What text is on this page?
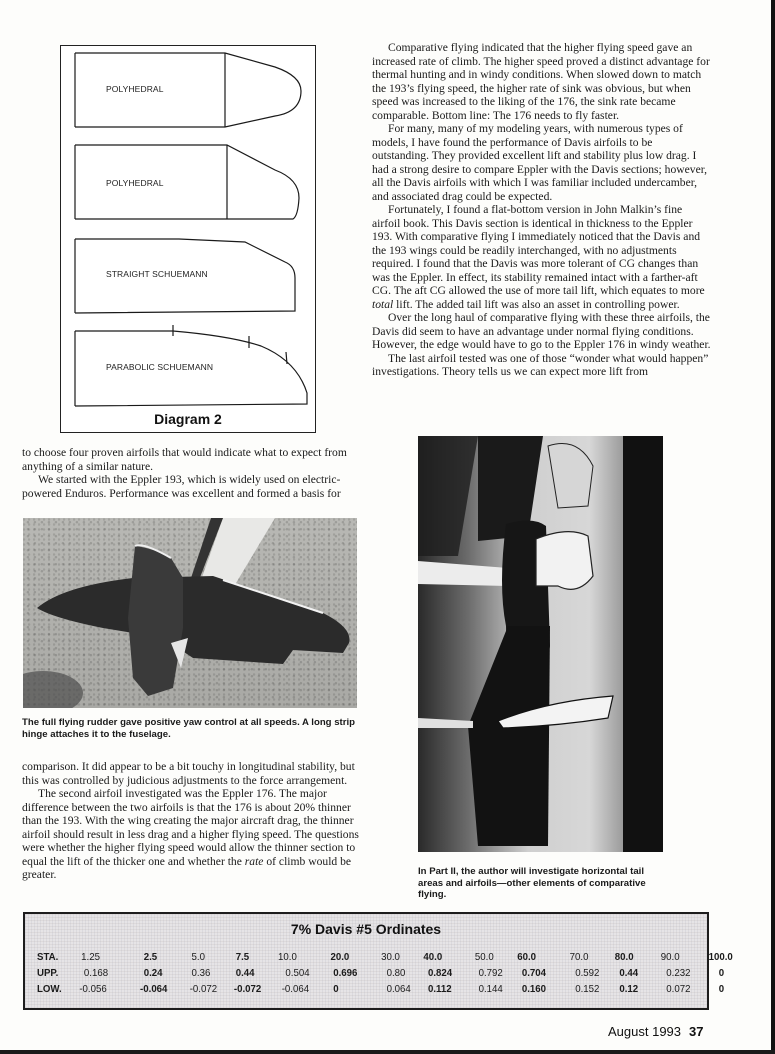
POLYHEDRAL
POLYHEDRAL
STRAIGHT SCHUEMANN
PARABOLIC SCHUEMANN
Diagram 2

Comparative flying indicated that the higher flying speed gave an increased rate of climb. The higher speed proved a distinct advantage for thermal hunting and in windy conditions. When slowed down to match the 193’s flying speed, the higher rate of sink was obvious, but when speed was increased to the liking of the 176, the sink rate became comparable. Bottom line: The 176 needs to fly faster.

For many, many of my modeling years, with numerous types of models, I have found the performance of Davis airfoils to be outstanding. They provided excellent lift and stability plus low drag. I had a strong desire to compare Eppler with the Davis sections; however, all the Davis airfoils with which I was familiar included undercamber, and associated drag could be expected.

Fortunately, I found a flat-bottom version in John Malkin’s fine airfoil book. This Davis section is identical in thickness to the Eppler 193. With comparative flying I immediately noticed that the Davis and the 193 wings could be readily interchanged, with no adjustments required. I found that the Davis was more tolerant of CG changes than was the Eppler. In effect, its stability remained intact with a farther-aft CG. The aft CG allowed the use of more tail lift, which equates to more total lift. The added tail lift was also an asset in controlling power.

Over the long haul of comparative flying with these three airfoils, the Davis did seem to have an advantage under normal flying conditions. However, the edge would have to go to the Eppler 176 in windy weather.

The last airfoil tested was one of those “wonder what would happen” investigations. Theory tells us we can expect more lift from

to choose four proven airfoils that would indicate what to expect from anything of a similar nature.

We started with the Eppler 193, which is widely used on electric-powered Enduros. Performance was excellent and formed a basis for

The full flying rudder gave positive yaw control at all speeds. A long strip hinge attaches it to the fuselage.

comparison. It did appear to be a bit touchy in longitudinal stability, but this was controlled by judicious adjustments to the force arrangement.

The second airfoil investigated was the Eppler 176. The major difference between the two airfoils is that the 176 is about 20% thinner than the 193. With the wing creating the major aircraft drag, the thinner airfoil should result in less drag and a higher flying speed. The questions were whether the higher flying speed would allow the thinner section to equal the lift of the thicker one and whether the rate of climb would be greater.	In Part II, the author will investigate horizontal tail areas and airfoils—other elements of comparative flying.
7% Davis #5 Ordinates
STA. 1.25	2.5	5.0	7.5	10.0	20.0	30.0 40.0	50.0 60.0	70.0	80.0	90.0	100.0
UPP. 0.168	0.24	0.36 0.44	0.504 0.696	0.80 0.824	0.792 0.704	0.592 0.44	0.232	0
LOW. -0.056	-0.064 -0.072 -0.072 -0.064 0	0.064 0.112	0.144 0.160	0.152 0.12	0.072	0
August 1993 37
